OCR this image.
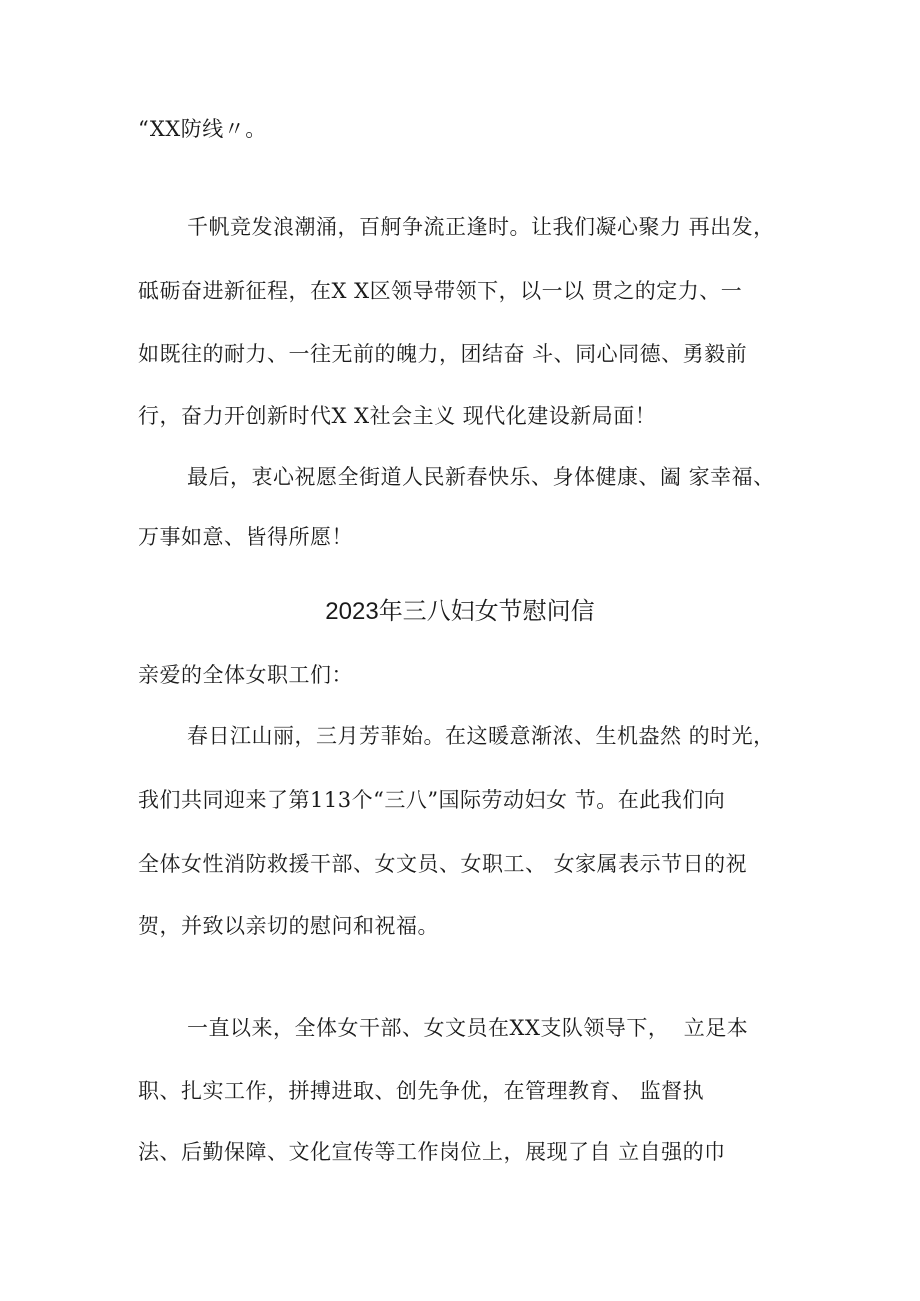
“XX防线〃。
千帆竞发浪潮涌，百舸争流正逢时。让我们凝心聚力 再出发，
砥砺奋进新征程，在X X区领导带领下，以一以 贯之的定力、一
如既往的耐力、一往无前的魄力，团结奋 斗、同心同德、勇毅前
行，奋力开创新时代X X社会主义 现代化建设新局面！
最后，衷心祝愿全街道人民新春快乐、身体健康、阖 家幸福、
万事如意、皆得所愿！
2023年三八妇女节慰问信
亲爱的全体女职工们：
春日江山丽，三月芳菲始。在这暖意渐浓、生机盎然 的时光，
我们共同迎来了第113个“三八”国际劳动妇女 节。在此我们向
全体女性消防救援干部、女文员、女职工、 女家属表示节日的祝
贺，并致以亲切的慰问和祝福。
一直以来，全体女干部、女文员在XX支队领导下，  立足本
职、扎实工作，拼搏进取、创先争优，在管理教育、 监督执
法、后勤保障、文化宣传等工作岗位上，展现了自 立自强的巾
